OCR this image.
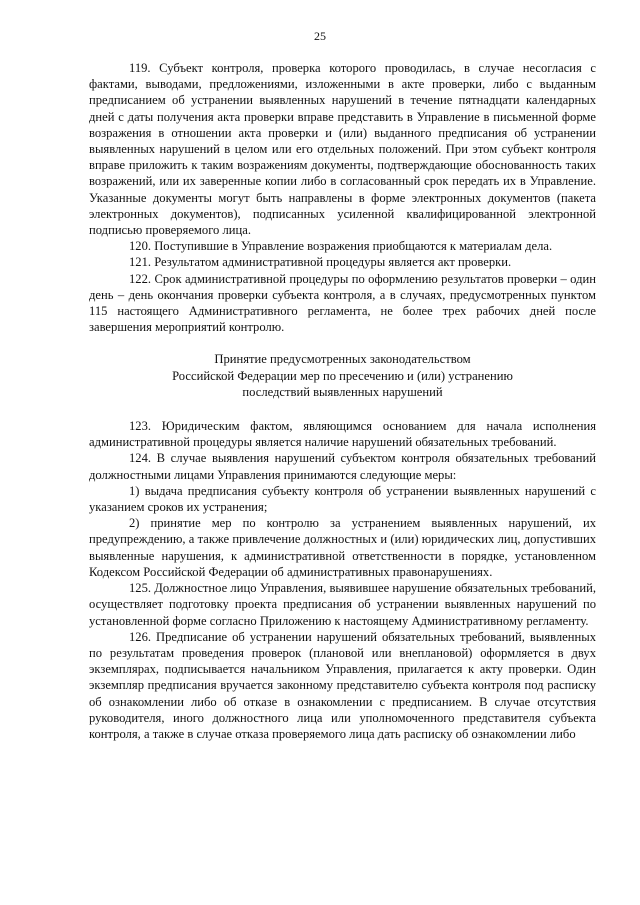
25

119. Субъект контроля, проверка которого проводилась, в случае несогласия с фактами, выводами, предложениями, изложенными в акте проверки, либо с выданным предписанием об устранении выявленных нарушений в течение пятнадцати календарных дней с даты получения акта проверки вправе представить в Управление в письменной форме возражения в отношении акта проверки и (или) выданного предписания об устранении выявленных нарушений в целом или его отдельных положений. При этом субъект контроля вправе приложить к таким возражениям документы, подтверждающие обоснованность таких возражений, или их заверенные копии либо в согласованный срок передать их в Управление. Указанные документы могут быть направлены в форме электронных документов (пакета электронных документов), подписанных усиленной квалифицированной электронной подписью проверяемого лица.

120. Поступившие в Управление возражения приобщаются к материалам дела.

121. Результатом административной процедуры является акт проверки.

122. Срок административной процедуры по оформлению результатов проверки – один день – день окончания проверки субъекта контроля, а в случаях, предусмотренных пунктом 115 настоящего Административного регламента, не более трех рабочих дней после завершения мероприятий контролю.

Принятие предусмотренных законодательством
Российской Федерации мер по пресечению и (или) устранению
последствий выявленных нарушений

123. Юридическим фактом, являющимся основанием для начала исполнения административной процедуры является наличие нарушений обязательных требований.

124. В случае выявления нарушений субъектом контроля обязательных требований должностными лицами Управления принимаются следующие меры:

1) выдача предписания субъекту контроля об устранении выявленных нарушений с указанием сроков их устранения;

2) принятие мер по контролю за устранением выявленных нарушений, их предупреждению, а также привлечение должностных и (или) юридических лиц, допустивших выявленные нарушения, к административной ответственности в порядке, установленном Кодексом Российской Федерации об административных правонарушениях.

125. Должностное лицо Управления, выявившее нарушение обязательных требований, осуществляет подготовку проекта предписания об устранении выявленных нарушений по установленной форме согласно Приложению к настоящему Административному регламенту.

126. Предписание об устранении нарушений обязательных требований, выявленных по результатам проведения проверок (плановой или внеплановой) оформляется в двух экземплярах, подписывается начальником Управления, прилагается к акту проверки. Один экземпляр предписания вручается законному представителю субъекта контроля под расписку об ознакомлении либо об отказе в ознакомлении с предписанием. В случае отсутствия руководителя, иного должностного лица или уполномоченного представителя субъекта контроля, а также в случае отказа проверяемого лица дать расписку об ознакомлении либо
